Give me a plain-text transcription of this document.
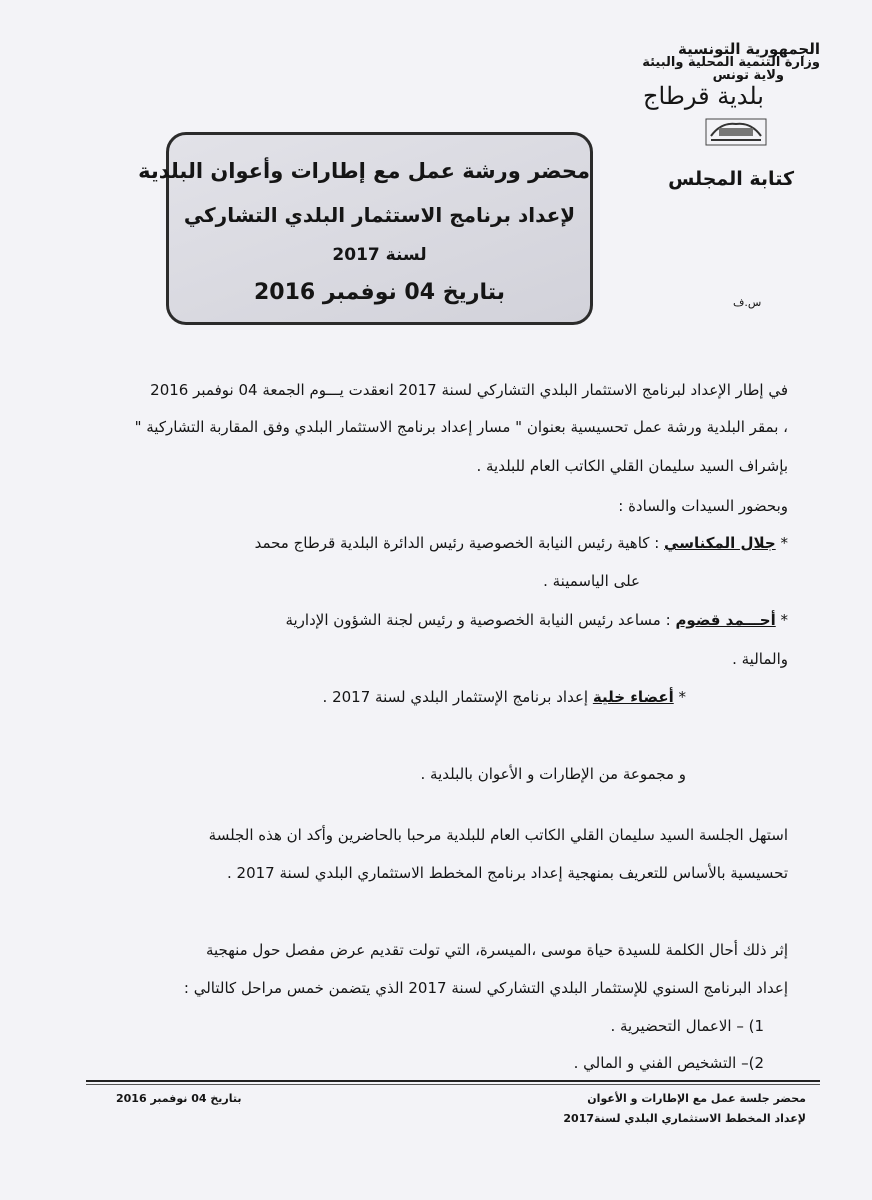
الجمهورية التونسية
وزارة التنمية المحلية والبيئة
ولاية تونس
بلدية قرطاج
كتابة المجلس
س.ف
محضر ورشة عمل مع إطارات وأعوان البلدية
لإعداد برنامج الاستثمار البلدي التشاركي
لسنة 2017
بتاريخ 04 نوفمبر 2016
في إطار الإعداد لبرنامج الاستثمار البلدي التشاركي لسنة 2017 انعقدت يـــوم الجمعة 04 نوفمبر 2016
، بمقر البلدية ورشة عمل تحسيسية بعنوان " مسار إعداد برنامج الاستثمار البلدي وفق المقاربة التشاركية "
بإشراف السيد سليمان القلي الكاتب العام للبلدية .
وبحضور السيدات والسادة :
* جلال المكناسي : كاهية رئيس النيابة الخصوصية رئيس الدائرة البلدية قرطاج محمد
على الياسمينة .
* أحـــمد قضوم : مساعد رئيس النيابة الخصوصية و رئيس لجنة الشؤون الإدارية
والمالية .
* أعضاء خلية إعداد برنامج الإستثمار البلدي لسنة 2017 .
و مجموعة من الإطارات و الأعوان بالبلدية .
استهل الجلسة السيد سليمان القلي الكاتب العام للبلدية مرحبا بالحاضرين وأكد ان هذه الجلسة
تحسيسية بالأساس للتعريف بمنهجية إعداد برنامج المخطط الاستثماري البلدي لسنة 2017 .
إثر ذلك أحال الكلمة للسيدة حياة موسى ،الميسرة، التي تولت تقديم عرض مفصل حول منهجية
إعداد البرنامج السنوي للإستثمار البلدي التشاركي لسنة 2017 الذي يتضمن خمس مراحل كالتالي :
1) – الاعمال التحضيرية .
2)– التشخيص الفني و المالي .
بتاريخ 04 نوفمبر 2016	محضر جلسة عمل مع الإطارات و الأعوان
لإعداد المخطط الاستثماري البلدي لسنة2017
